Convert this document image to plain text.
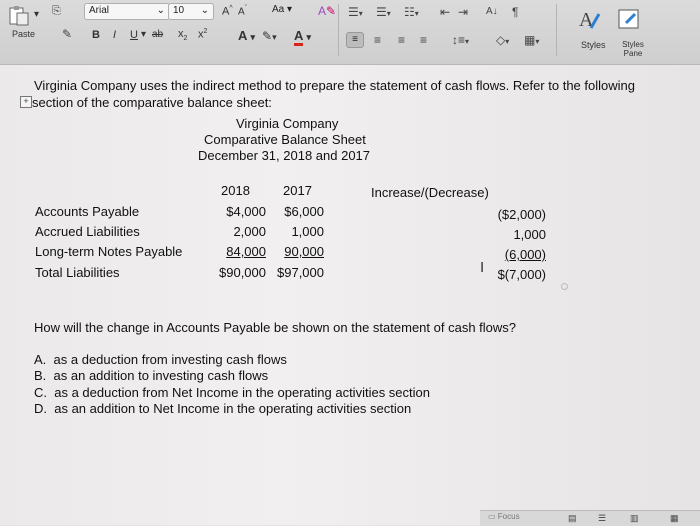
▾
Paste
⎘
✎
Arial	⌄ 10 ⌄ A^ $A^ˇ$	Aa ▾	A✎
B I U ▾ ab $x_2$ $x^2$ A ▾ ✎▾ A ▾
☰▾ ☰▾ ☷▾ ⇤ ⇥ A↓ ¶
≡	≡ ≡ ≡ ↕≡▾ ◇▾ ▦▾
A
Styles	Styles Pane
Virginia Company uses the indirect method to prepare the statement of cash flows. Refer to the following
+ section of the comparative balance sheet:
Virginia Company
Comparative Balance Sheet
December 31, 2018 and 2017
2018	2017	Increase/(Decrease)
Accounts Payable	$4,000	$6,000	($2,000)
Accrued Liabilities	2,000	1,000	1,000
Long-term Notes Payable	84,000	90,000	(6,000)
Total Liabilities	$90,000 $97,000	I	$(7,000)
How will the change in Accounts Payable be shown on the statement of cash flows?
A. as a deduction from investing cash flows
B. as an addition to investing cash flows
C. as a deduction from Net Income in the operating activities section
D. as an addition to Net Income in the operating activities section
▭ Focus	▤ ☰	▥	▦
